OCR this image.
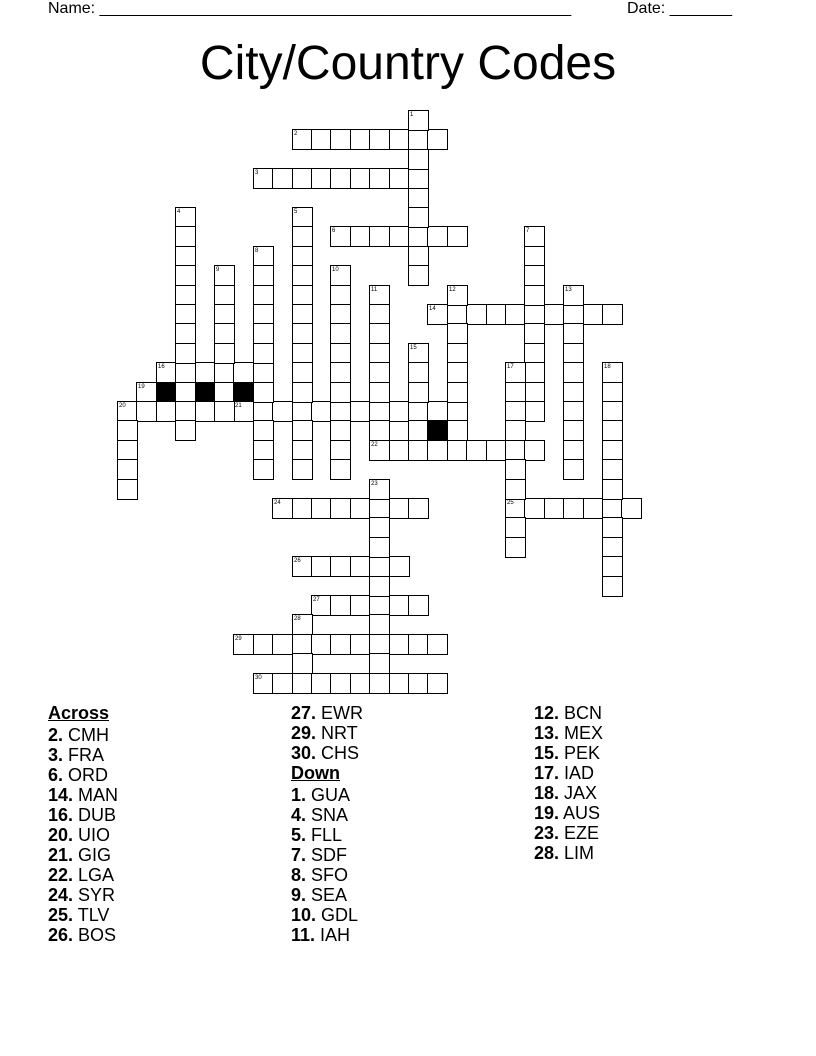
Name: _____________________________________________________	Date: _______
City/Country Codes
2
3
6
14
16
19
20	21
22
24	25
26
27
29
30
1
4	5
7
8
9	10
11	12	13
15
17	18
23
28
Across
2. CMH
3. FRA
6. ORD
14. MAN
16. DUB
20. UIO
21. GIG
22. LGA
24. SYR
25. TLV
26. BOS
27. EWR
29. NRT
30. CHS
Down
1. GUA
4. SNA
5. FLL
7. SDF
8. SFO
9. SEA
10. GDL
11. IAH
12. BCN
13. MEX
15. PEK
17. IAD
18. JAX
19. AUS
23. EZE
28. LIM
